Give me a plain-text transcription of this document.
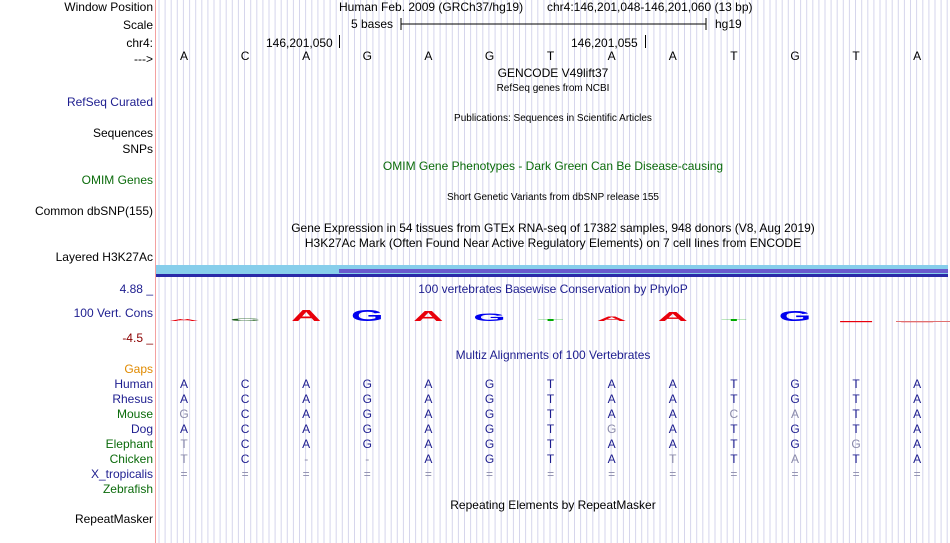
Window Position	Human Feb. 2009 (GRCh37/hg19) chr4:146,201,048-146,201,060 (13 bp)
Scale	5 bases	hg19
chr4:	146,201,050	146,201,055
--->	A	C	A	G	A	G	T	A	A	T	G	T	A
GENCODE V49lift37
RefSeq genes from NCBI
RefSeq Curated
Publications: Sequences in Scientific Articles
Sequences
SNPs
OMIM Gene Phenotypes - Dark Green Can Be Disease-causing
OMIM Genes
Short Genetic Variants from dbSNP release 155
Common dbSNP(155)
Gene Expression in 54 tissues from GTEx RNA-seq of 17382 samples, 948 donors (V8, Aug 2019)
H3K27Ac Mark (Often Found Near Active Regulatory Elements) on 7 cell lines from ENCODE
Layered H3K27Ac
100 vertebrates Basewise Conservation by PhyloP
4.88 _
100 Vert. Cons
-4.5 _
A C A G A G T A A T G
Multiz Alignments of 100 Vertebrates
Gaps
Human	A	C	A	G	A	G	T	A	A	T	G	T	A
Rhesus	A	C	A	G	A	G	T	A	A	T	G	T	A
Mouse	G	C	A	G	A	G	T	A	A	C	A	T	A
Dog	A	C	A	G	A	G	T	G	A	T	G	T	A
Elephant	T	C	A	G	A	G	T	A	A	T	G	G	A
Chicken	T	C	-	-	A	G	T	A	T	T	A	T	A
X_tropicalis	=	=	=	=	=	=	=	=	=	=	=	=	=
Zebrafish
Repeating Elements by RepeatMasker
RepeatMasker
